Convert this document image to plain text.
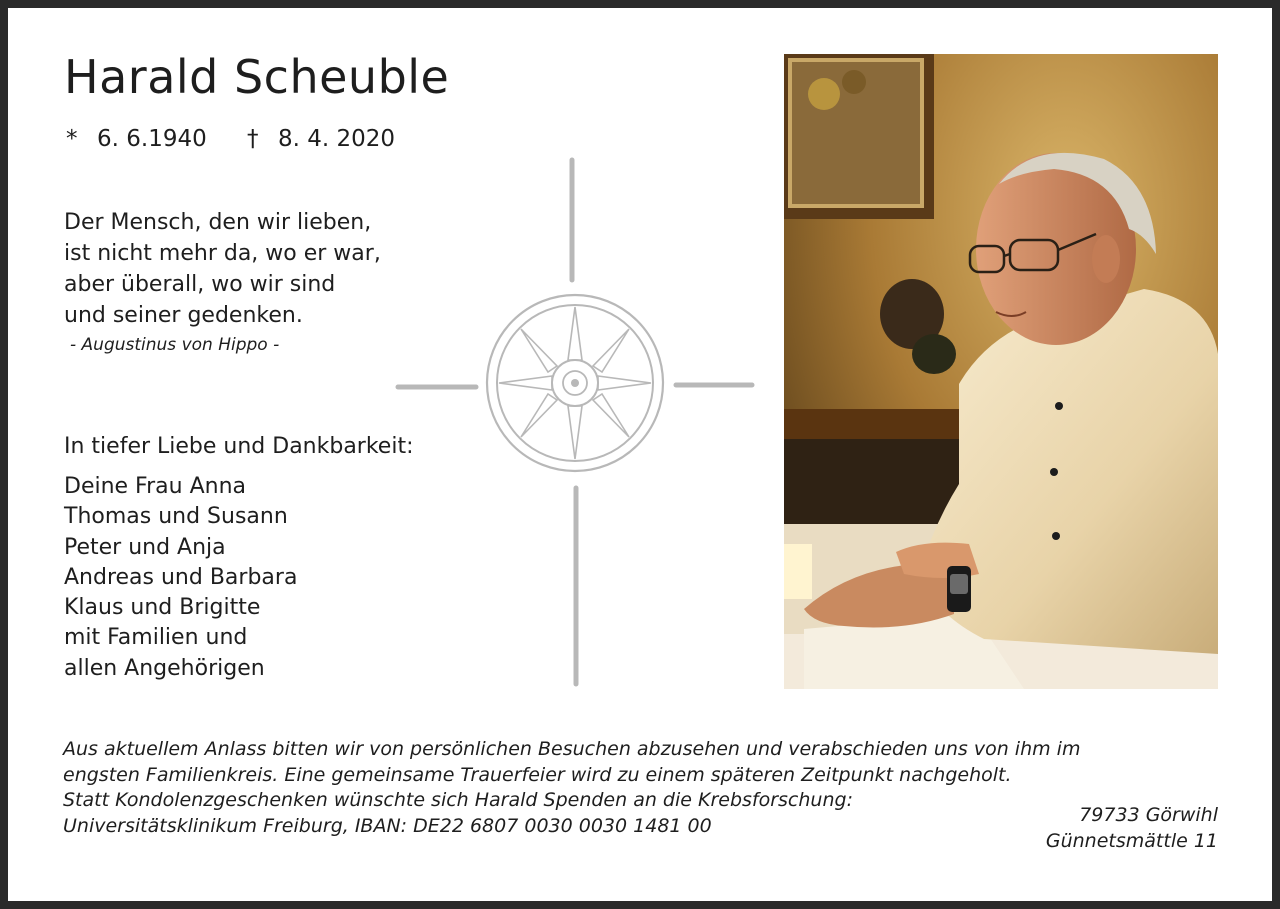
Harald Scheuble
* 6. 6.1940 † 8. 4. 2020
Der Mensch, den wir lieben,
ist nicht mehr da, wo er war,
aber überall, wo wir sind
und seiner gedenken.
- Augustinus von Hippo -
In tiefer Liebe und Dankbarkeit:
Deine Frau Anna
Thomas und Susann
Peter und Anja
Andreas und Barbara
Klaus und Brigitte
mit Familien und
allen Angehörigen
Aus aktuellem Anlass bitten wir von persönlichen Besuchen abzusehen und verabschieden uns von ihm im
engsten Familienkreis. Eine gemeinsame Trauerfeier wird zu einem späteren Zeitpunkt nachgeholt.
Statt Kondolenzgeschenken wünschte sich Harald Spenden an die Krebsforschung:
Universitätsklinikum Freiburg, IBAN: DE22 6807 0030 0030 1481 00	79733 Görwihl
Günnetsmättle 11
